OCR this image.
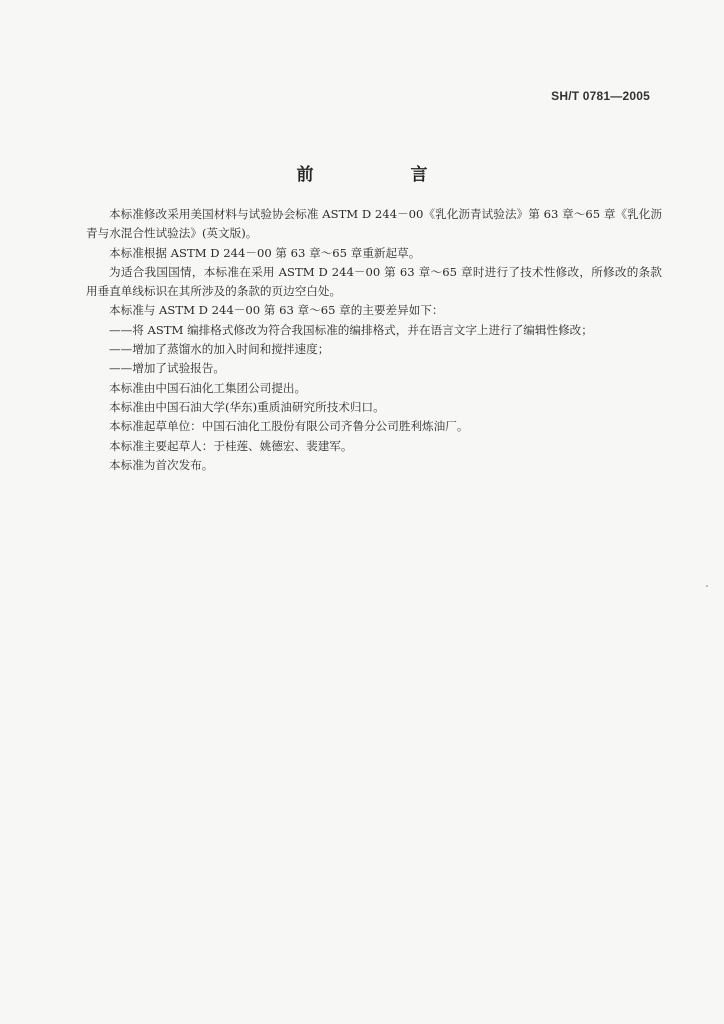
SH/T 0781—2005
前　言

本标准修改采用美国材料与试验协会标准 ASTM D 244－00《乳化沥青试验法》第 63 章～65 章《乳化沥青与水混合性试验法》(英文版)。

本标准根据 ASTM D 244－00 第 63 章～65 章重新起草。

为适合我国国情，本标准在采用 ASTM D 244－00 第 63 章～65 章时进行了技术性修改，所修改的条款用垂直单线标识在其所涉及的条款的页边空白处。

本标准与 ASTM D 244－00 第 63 章～65 章的主要差异如下：

——将 ASTM 编排格式修改为符合我国标准的编排格式，并在语言文字上进行了编辑性修改；

——增加了蒸馏水的加入时间和搅拌速度；

——增加了试验报告。

本标准由中国石油化工集团公司提出。

本标准由中国石油大学(华东)重质油研究所技术归口。

本标准起草单位：中国石油化工股份有限公司齐鲁分公司胜利炼油厂。

本标准主要起草人：于桂莲、姚德宏、裴建军。

本标准为首次发布。
